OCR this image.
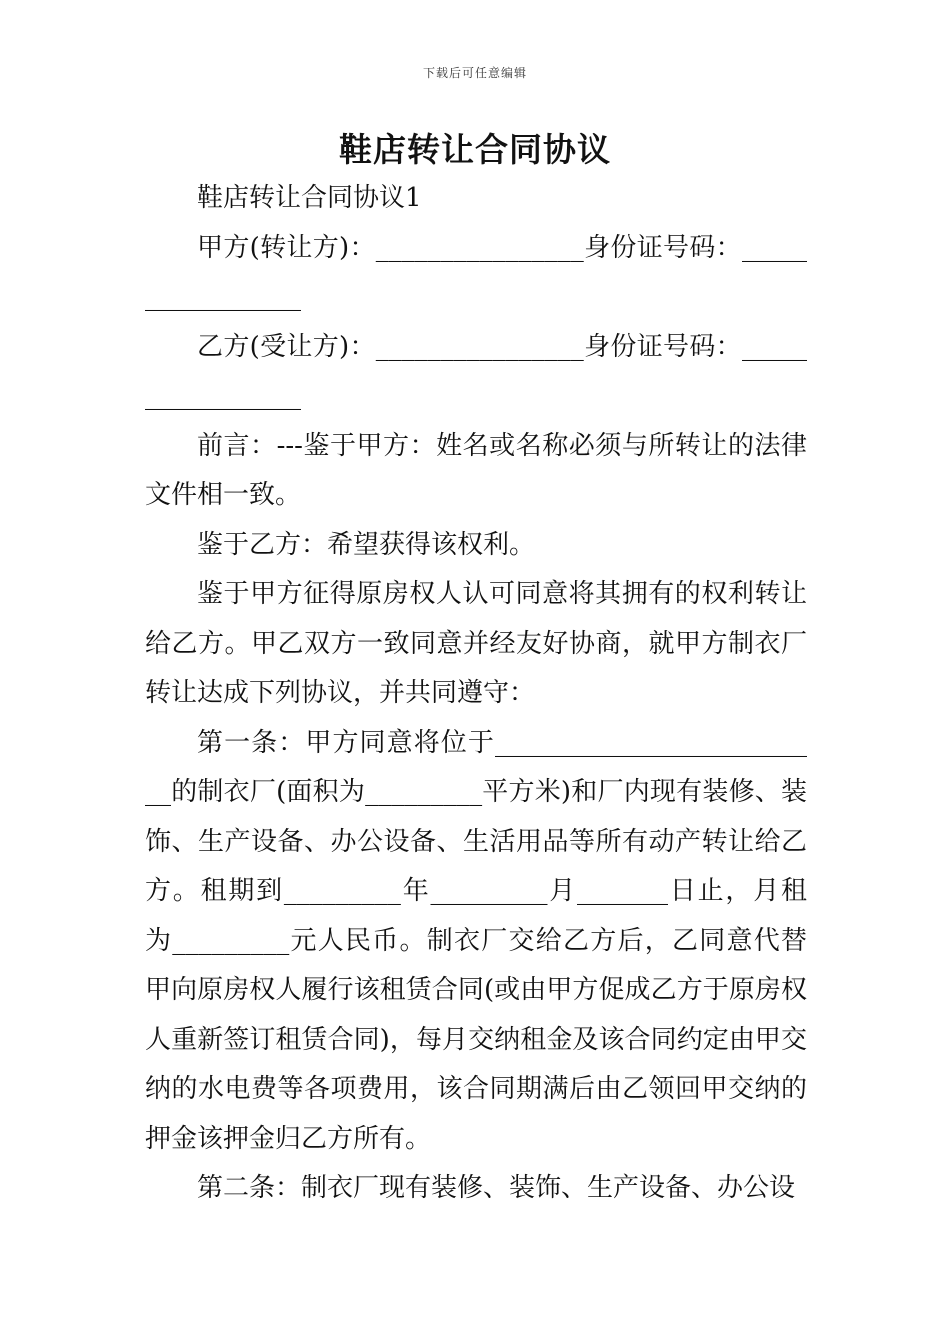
下载后可任意编辑
鞋店转让合同协议

鞋店转让合同协议1

甲方(转让方)：________________身份证号码：_________________

乙方(受让方)：________________身份证号码：_________________

前言：---鉴于甲方：姓名或名称必须与所转让的法律文件相一致。

鉴于乙方：希望获得该权利。

鉴于甲方征得原房权人认可同意将其拥有的权利转让给乙方。甲乙双方一致同意并经友好协商，就甲方制衣厂转让达成下列协议，并共同遵守：

第一条：甲方同意将位于__________________________的制衣厂(面积为_________平方米)和厂内现有装修、装饰、生产设备、办公设备、生活用品等所有动产转让给乙方。租期到_________年_________月_______日止，月租为_________元人民币。制衣厂交给乙方后，乙同意代替甲向原房权人履行该租赁合同(或由甲方促成乙方于原房权人重新签订租赁合同)，每月交纳租金及该合同约定由甲交纳的水电费等各项费用，该合同期满后由乙领回甲交纳的押金该押金归乙方所有。

第二条：制衣厂现有装修、装饰、生产设备、办公设
